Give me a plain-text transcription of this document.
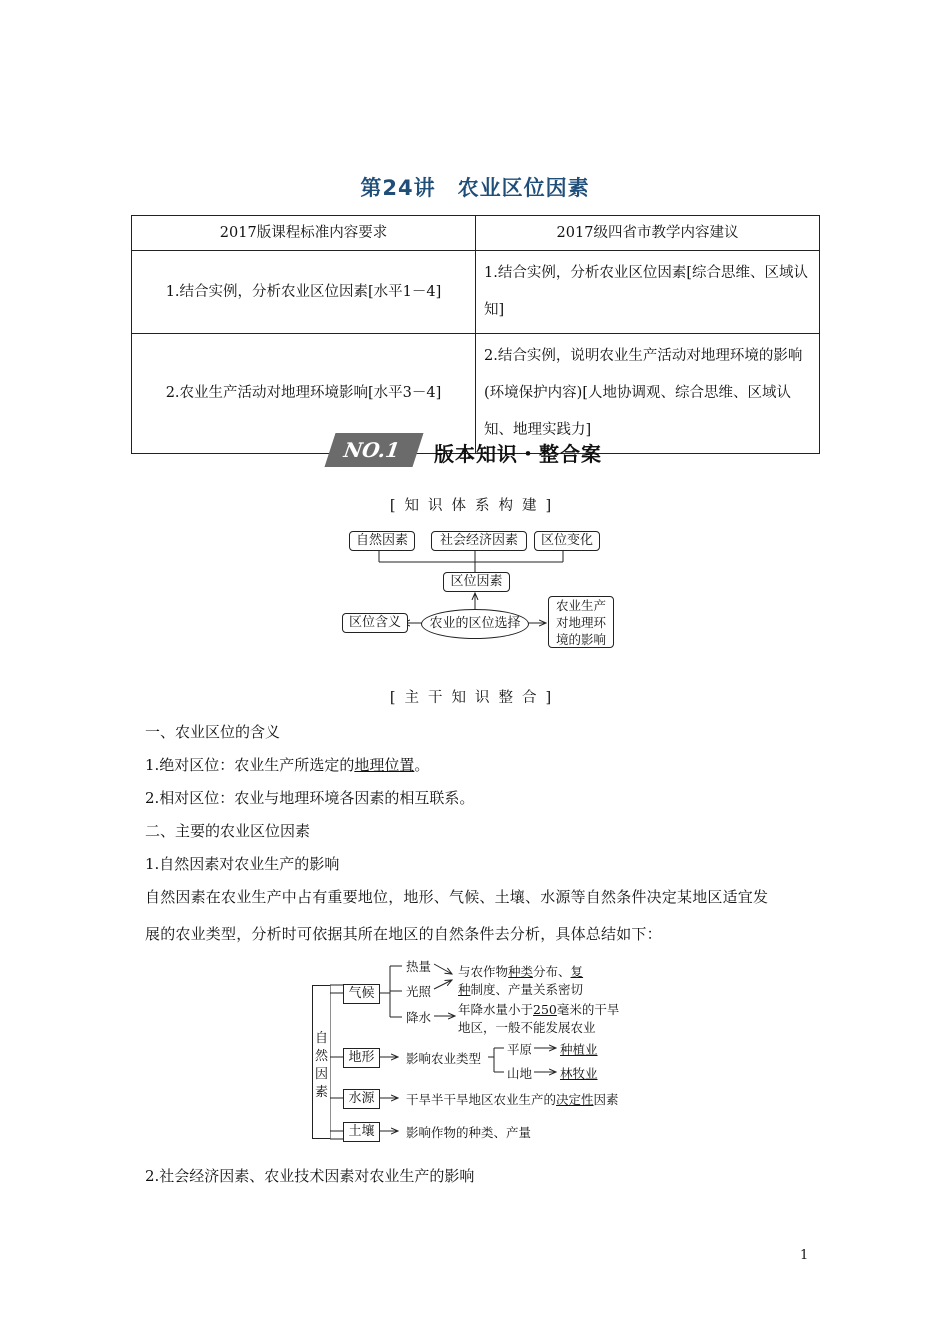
第24讲　农业区位因素
2017版课程标准内容要求	2017级四省市教学内容建议
1.结合实例，分析农业区位因素[水平1－4]	1.结合实例，分析农业区位因素[综合思维、区域认知]
2.农业生产活动对地理环境影响[水平3－4]	2.结合实例，说明农业生产活动对地理环境的影响(环境保护内容)[人地协调观、综合思维、区域认知、地理实践力]
NO.1 版本知识・整合案
[知识体系构建]
自然因素	社会经济因素	区位变化
区位因素
区位含义	农业的区位选择
农业生产对地理环境的影响
[主干知识整合]
一、农业区位的含义
1.绝对区位：农业生产所选定的地理位置。
2.相对区位：农业与地理环境各因素的相互联系。
二、主要的农业区位因素
1.自然因素对农业生产的影响
自然因素在农业生产中占有重要地位，地形、气候、土壤、水源等自然条件决定某地区适宜发
展的农业类型，分析时可依据其所在地区的自然条件去分析，具体总结如下：
自然因素
气候
地形
水源
土壤
热量
光照
降水
与农作物种类分布、复
种制度、产量关系密切
年降水量小于250毫米的干旱
地区，一般不能发展农业
影响农业类型
平原 种植业
山地 林牧业
干旱半干旱地区农业生产的决定性因素
影响作物的种类、产量
2.社会经济因素、农业技术因素对农业生产的影响
1
